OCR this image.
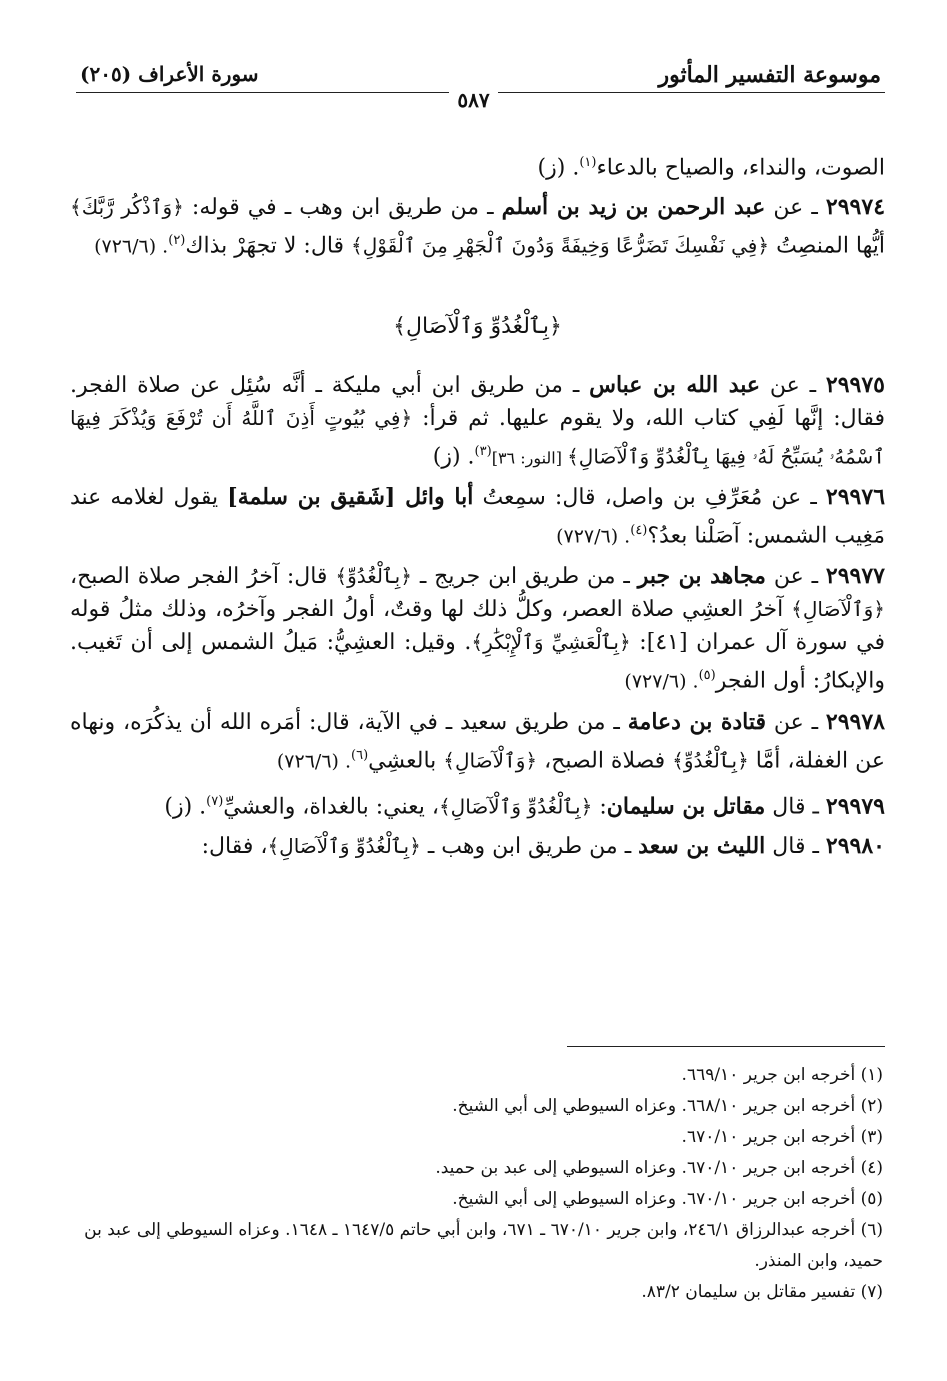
موسوعة التفسير المأثور
سورة الأعراف (٢٠٥)
٥٨٧

الصوت، والنداء، والصياح بالدعاء$^{(١)}$. (ز)

٢٩٩٧٤ ـ عن عبد الرحمن بن زيد بن أسلم ـ من طريق ابن وهب ـ في قوله: ﴿وَٱذْكُر رَّبَّكَ﴾ أيُّها المنصِتُ ﴿فِي نَفْسِكَ تَضَرُّعًا وَخِيفَةً وَدُونَ ٱلْجَهْرِ مِنَ ٱلْقَوْلِ﴾ قال: لا تجهَرْ بذاك$^{(٢)}$. (٧٢٦/٦)

﴿بِٱلْغُدُوِّ وَٱلْآصَالِ﴾

٢٩٩٧٥ ـ عن عبد الله بن عباس ـ من طريق ابن أبي مليكة ـ أنَّه سُئِل عن صلاة الفجر. فقال: إنَّها لَفِي كتاب الله، ولا يقوم عليها. ثم قرأ: ﴿فِي بُيُوتٍ أَذِنَ ٱللَّهُ أَن تُرْفَعَ وَيُذْكَرَ فِيهَا ٱسْمُهُۥ يُسَبِّحُ لَهُۥ فِيهَا بِٱلْغُدُوِّ وَٱلْآصَالِ﴾ [النور: ٣٦]$^{(٣)}$. (ز)

٢٩٩٧٦ ـ عن مُعَرِّفِ بن واصل، قال: سمِعتُ أبا وائل [شَقيق بن سلمة] يقول لغلامه عند مَغِيب الشمس: آصَلْنا بعدُ؟$^{(٤)}$. (٧٢٧/٦)

٢٩٩٧٧ ـ عن مجاهد بن جبر ـ من طريق ابن جريج ـ ﴿بِٱلْغُدُوِّ﴾ قال: آخرُ الفجر صلاة الصبح، ﴿وَٱلْآصَالِ﴾ آخرُ العشِي صلاة العصر، وكلُّ ذلك لها وقتٌ، أولُ الفجر وآخرُه، وذلك مثلُ قوله في سورة آل عمران [٤١]: ﴿بِٱلْعَشِيِّ وَٱلْإِبْكَٰرِ﴾. وقيل: العشِيُّ: مَيلُ الشمس إلى أن تَغيب. والإبكارُ: أول الفجر$^{(٥)}$. (٧٢٧/٦)

٢٩٩٧٨ ـ عن قتادة بن دعامة ـ من طريق سعيد ـ في الآية، قال: أمَره الله أن يذكُرَه، ونهاه عن الغفلة، أمَّا ﴿بِٱلْغُدُوِّ﴾ فصلاة الصبح، ﴿وَٱلْآصَالِ﴾ بالعشِي$^{(٦)}$. (٧٢٦/٦)

٢٩٩٧٩ ـ قال مقاتل بن سليمان: ﴿بِٱلْغُدُوِّ وَٱلْآصَالِ﴾، يعني: بالغداة، والعشيِّ$^{(٧)}$. (ز)

٢٩٩٨٠ ـ قال الليث بن سعد ـ من طريق ابن وهب ـ ﴿بِٱلْغُدُوِّ وَٱلْآصَالِ﴾، فقال:

(١) أخرجه ابن جرير ٦٦٩/١٠.
(٢) أخرجه ابن جرير ٦٦٨/١٠. وعزاه السيوطي إلى أبي الشيخ.
(٣) أخرجه ابن جرير ٦٧٠/١٠.
(٤) أخرجه ابن جرير ٦٧٠/١٠. وعزاه السيوطي إلى عبد بن حميد.
(٥) أخرجه ابن جرير ٦٧٠/١٠. وعزاه السيوطي إلى أبي الشيخ.
(٦) أخرجه عبدالرزاق ٢٤٦/١، وابن جرير ٦٧٠/١٠ ـ ٦٧١، وابن أبي حاتم ١٦٤٧/٥ ـ ١٦٤٨. وعزاه السيوطي إلى عبد بن حميد، وابن المنذر.
(٧) تفسير مقاتل بن سليمان ٨٣/٢.
